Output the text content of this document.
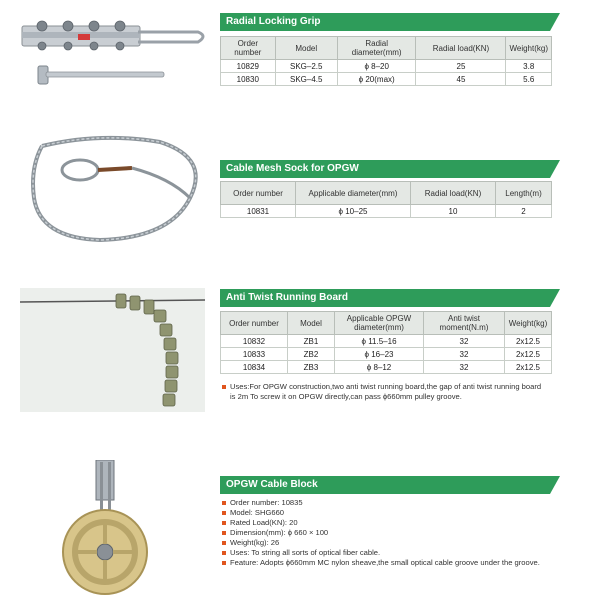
Radial Locking Grip
Order number	Model	Radial diameter(mm)	Radial load(KN)	Weight(kg)
10829	SKG–2.5	ϕ 8–20	25	3.8
10830	SKG–4.5	ϕ 20(max)	45	5.6
Cable Mesh Sock for OPGW
Order number	Applicable diameter(mm)	Radial load(KN)	Length(m)
10831	ϕ 10–25	10	2
Anti Twist Running Board
Order number	Model	Applicable OPGW diameter(mm)	Anti twist moment(N.m)	Weight(kg)
10832	ZB1	ϕ 11.5–16	32	2x12.5
10833	ZB2	ϕ 16–23	32	2x12.5
10834	ZB3	ϕ 8–12	32	2x12.5
Uses:For OPGW construction,two anti twist running board,the gap of anti twist running board is 2m To screw it on OPGW directly,can pass ϕ660mm pulley groove.
OPGW Cable Block
Order number: 10835
Model: SHG660
Rated Load(KN): 20
Dimension(mm): ϕ 660 × 100
Weight(kg): 26
Uses: To string all sorts of optical fiber cable.
Feature: Adopts ϕ660mm MC nylon sheave,the small optical cable groove under the groove.
